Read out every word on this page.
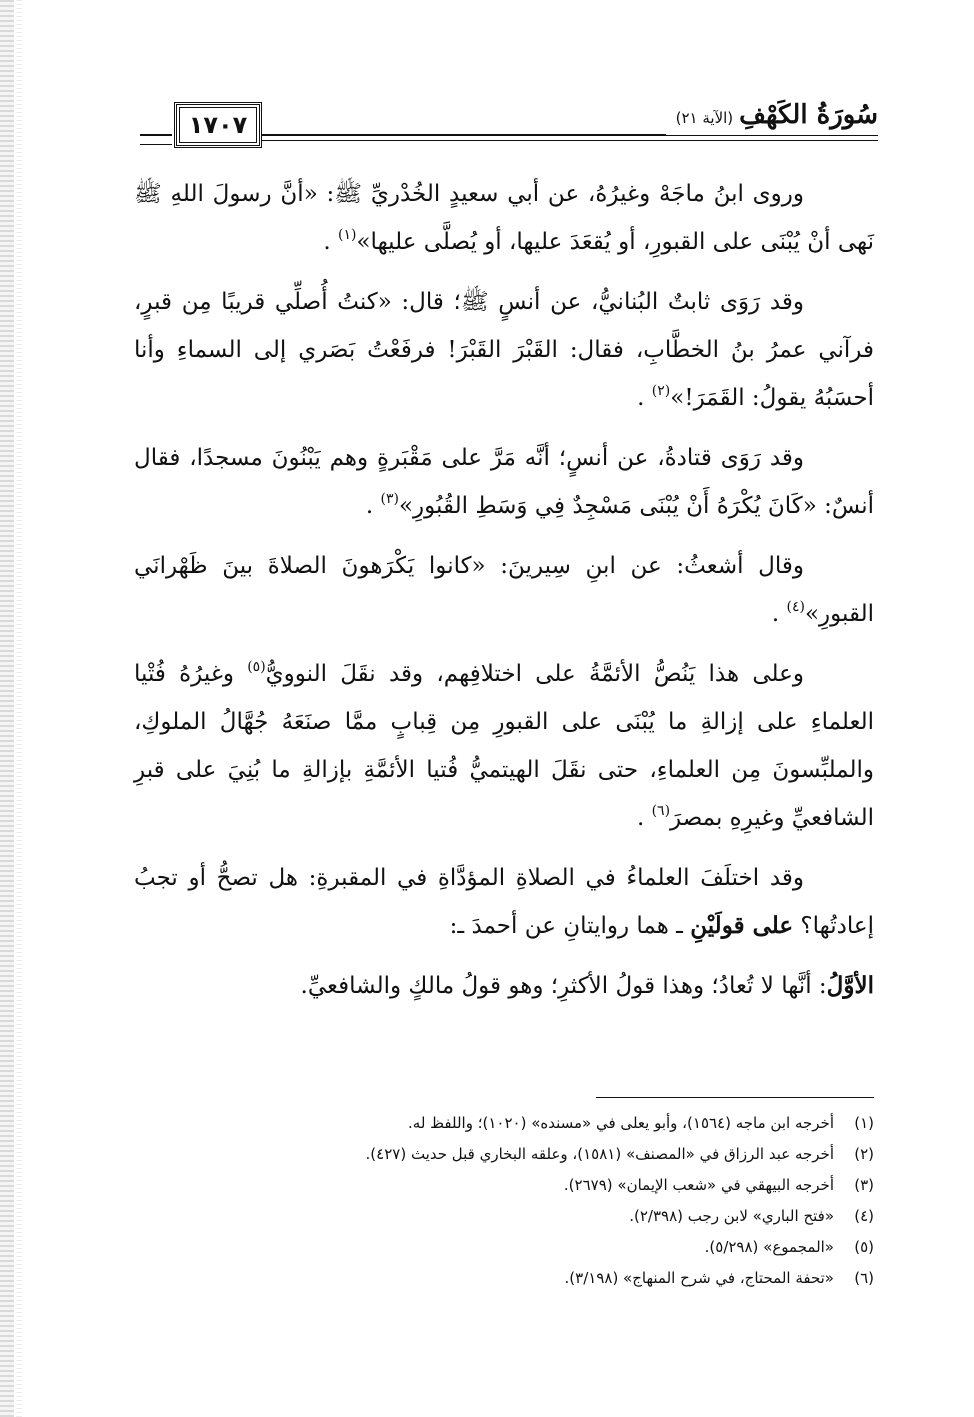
١٧٠٧	سُورَةُ الكَهْفِ(الآية ٢١)

وروى ابنُ ماجَهْ وغيرُهُ، عن أبي سعيدٍ الخُدْريِّ ﷺ: «أنَّ رسولَ اللهِ ﷺ نَهى أنْ يُبْنَى على القبورِ، أو يُقعَدَ عليها، أو يُصلَّى عليها»$^{(١)}$ .

وقد رَوَى ثابتٌ البُنانيُّ، عن أنسٍ ﷺ؛ قال: «كنتُ أُصلِّي قريبًا مِن قبرٍ، فرآني عمرُ بنُ الخطَّابِ، فقال: القَبْرَ القَبْرَ! فرفَعْتُ بَصَري إلى السماءِ وأنا أحسَبُهُ يقولُ: القَمَرَ!»$^{(٢)}$ .

وقد رَوَى قتادةُ، عن أنسٍ؛ أنَّه مَرَّ على مَقْبَرةٍ وهم يَبْنُونَ مسجدًا، فقال أنسٌ: «كَانَ يُكْرَهُ أَنْ يُبْنَى مَسْجِدٌ فِي وَسَطِ القُبُورِ»$^{(٣)}$ .

وقال أشعثُ: عن ابنِ سِيرينَ: «كانوا يَكْرَهونَ الصلاةَ بينَ ظَهْرانَي القبورِ»$^{(٤)}$ .

وعلى هذا يَنُصُّ الأئمَّةُ على اختلافِهم، وقد نقَلَ النوويُّ$^{(٥)}$ وغيرُهُ فُتْيا العلماءِ على إزالةِ ما يُبْنَى على القبورِ مِن قِبابٍ ممَّا صنَعَهُ جُهَّالُ الملوكِ، والملبِّسونَ مِن العلماءِ، حتى نقَلَ الهيتميُّ فُتيا الأئمَّةِ بإزالةِ ما بُنِيَ على قبرِ الشافعيِّ وغيرِهِ بمصرَ$^{(٦)}$ .

وقد اختلَفَ العلماءُ في الصلاةِ المؤدَّاةِ في المقبرةِ: هل تصحُّ أو تجبُ إعادتُها؟ على قولَيْنِ ـ هما روايتانِ عن أحمدَ ـ:

الأوَّلُ: أنَّها لا تُعادُ؛ وهذا قولُ الأكثرِ؛ وهو قولُ مالكٍ والشافعيِّ.

(١)
أخرجه ابن ماجه (١٥٦٤)، وأبو يعلى في «مسنده» (١٠٢٠)؛ واللفظ له.
(٢)
أخرجه عبد الرزاق في «المصنف» (١٥٨١)، وعلقه البخاري قبل حديث (٤٢٧).
(٣)
أخرجه البيهقي في «شعب الإيمان» (٢٦٧٩).
(٤)
«فتح الباري» لابن رجب (٢/٣٩٨).
(٥)
«المجموع» (٥/٢٩٨).
(٦)
«تحفة المحتاج، في شرح المنهاج» (٣/١٩٨).
